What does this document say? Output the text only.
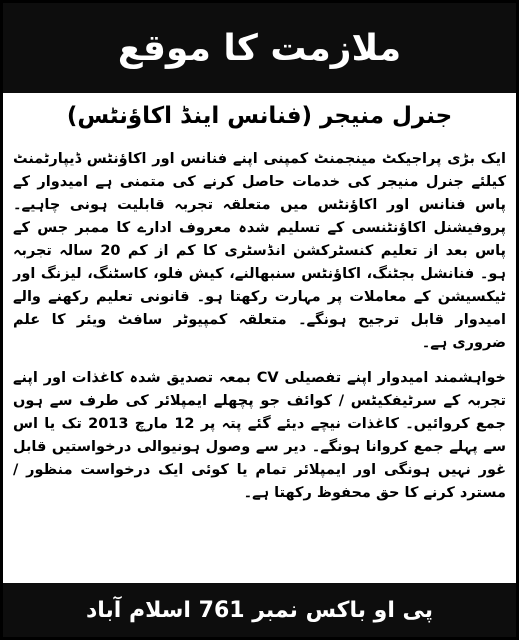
ملازمت کا موقع
جنرل منیجر (فنانس اینڈ اکاؤنٹس)

ایک بڑی پراجیکٹ مینجمنٹ کمپنی اپنے فنانس اور اکاؤنٹس ڈیپارٹمنٹ کیلئے جنرل منیجر کی خدمات حاصل کرنے کی متمنی ہے امیدوار کے پاس فنانس اور اکاؤنٹس میں متعلقہ تجربہ قابلیت ہونی چاہیے۔ پروفیشنل اکاؤنٹنسی کے تسلیم شدہ معروف ادارے کا ممبر جس کے پاس بعد از تعلیم کنسٹرکشن انڈسٹری کا کم از کم 20 سالہ تجربہ ہو۔ فنانشل بجٹنگ، اکاؤنٹس سنبھالنے، کیش فلو، کاسٹنگ، لیزنگ اور ٹیکسیشن کے معاملات پر مہارت رکھتا ہو۔ قانونی تعلیم رکھنے والے امیدوار قابل ترجیح ہونگے۔ متعلقہ کمپیوٹر سافٹ ویئر کا علم ضروری ہے۔

خواہشمند امیدوار اپنے تفصیلی CV بمعہ تصدیق شدہ کاغذات اور اپنے تجربہ کے سرٹیفکیٹس / کوائف جو پچھلے ایمپلائر کی طرف سے ہوں جمع کروائیں۔ کاغذات نیچے دیئے گئے پتہ پر 12 مارچ 2013 تک یا اس سے پہلے جمع کروانا ہونگے۔ دیر سے وصول ہونیوالی درخواستیں قابل غور نہیں ہونگی اور ایمپلائر تمام یا کوئی ایک درخواست منظور / مسترد کرنے کا حق محفوظ رکھتا ہے۔

پی او باکس نمبر 761 اسلام آباد
